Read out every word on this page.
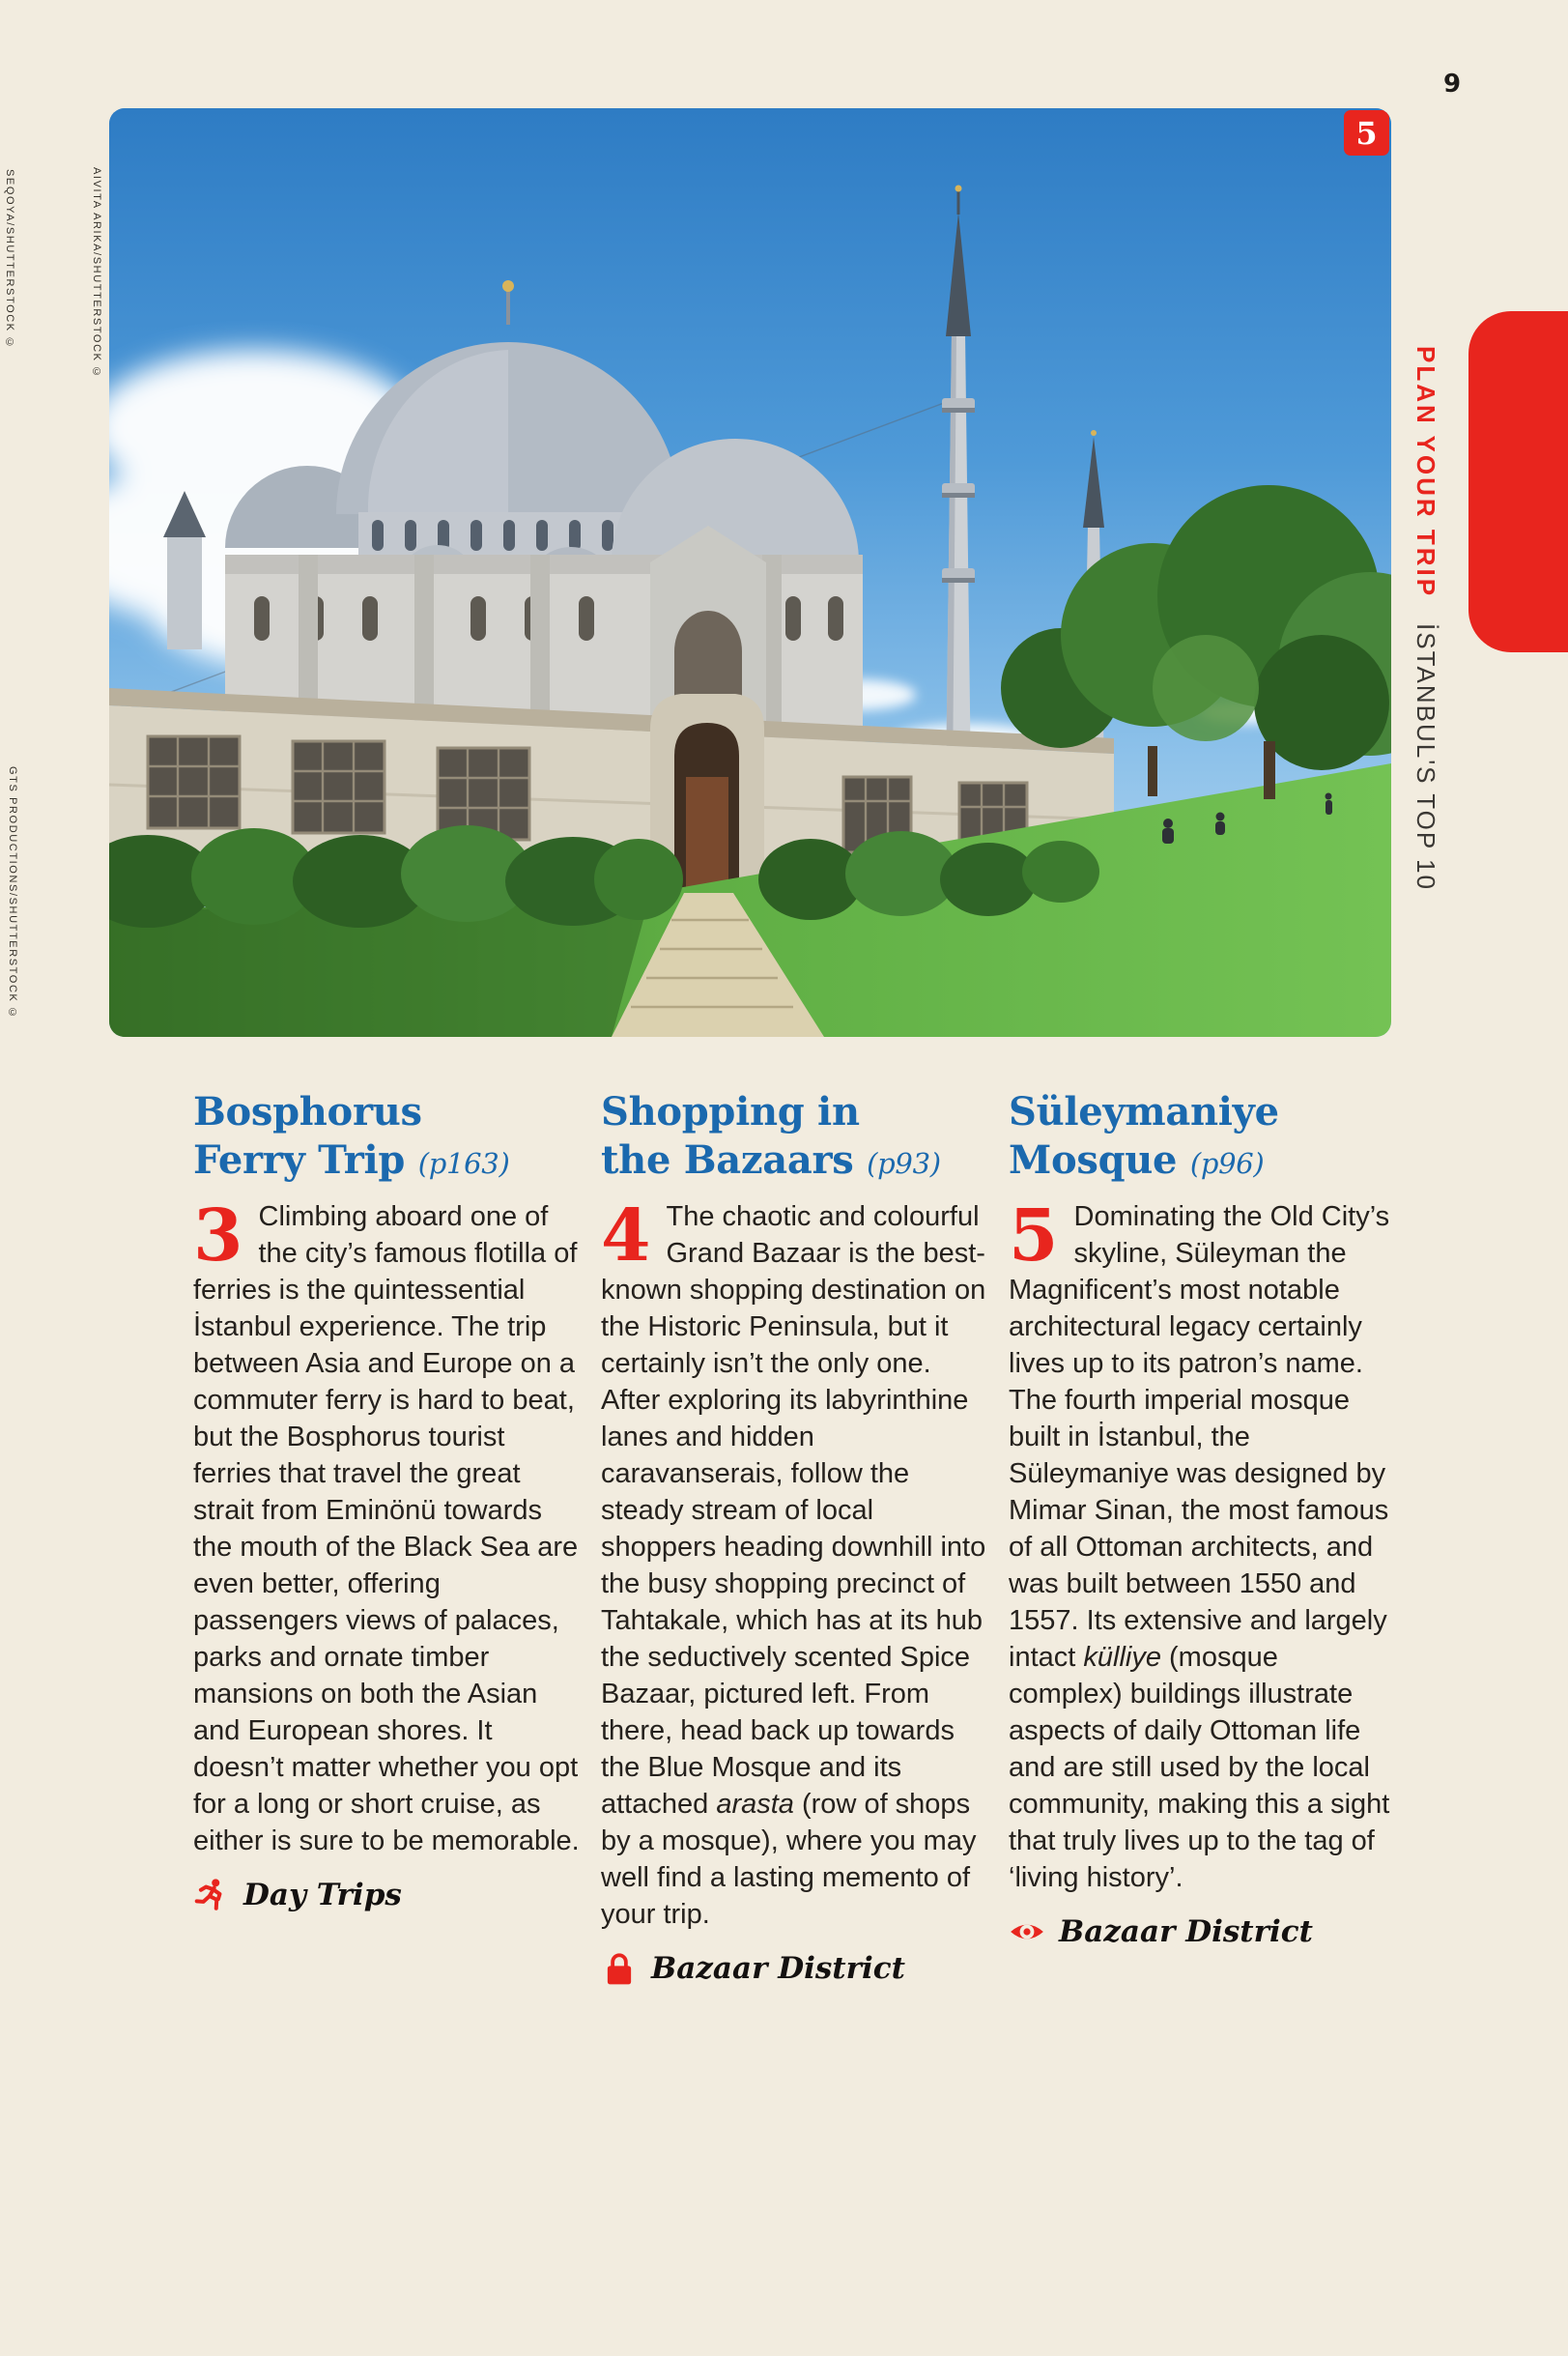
SEQOYA/SHUTTERSTOCK ©	AIVITA ARIKA/SHUTTERSTOCK ©
GTS PRODUCTIONS/SHUTTERSTOCK ©
9
5
PLAN YOUR TRIPİSTANBUL'S TOP 10
Bosphorus
Ferry Trip (p163)
3 Climbing aboard one of the city’s famous flotilla of ferries is the quintessential İstanbul experience. The trip between Asia and Europe on a commuter ferry is hard to beat, but the Bosphorus tourist ferries that travel the great strait from Eminönü towards the mouth of the Black Sea are even better, offering passengers views of palaces, parks and ornate timber mansions on both the Asian and European shores. It doesn’t matter whether you opt for a long or short cruise, as either is sure to be memorable.
Day Trips
Shopping in
the Bazaars (p93)
4 The chaotic and colourful Grand Bazaar is the best-known shopping destination on the Historic Peninsula, but it certainly isn’t the only one. After exploring its labyrinthine lanes and hidden caravanserais, follow the steady stream of local shoppers heading downhill into the busy shopping precinct of Tahtakale, which has at its hub the seductively scented Spice Bazaar, pictured left. From there, head back up towards the Blue Mosque and its attached arasta (row of shops by a mosque), where you may well find a lasting memento of your trip.
Bazaar District
Süleymaniye
Mosque (p96)
5 Dominating the Old City’s skyline, Süleyman the Magnificent’s most notable architectural legacy certainly lives up to its patron’s name. The fourth imperial mosque built in İstanbul, the Süleymaniye was designed by Mimar Sinan, the most famous of all Ottoman architects, and was built between 1550 and 1557. Its extensive and largely intact külliye (mosque complex) buildings illustrate aspects of daily Ottoman life and are still used by the local community, making this a sight that truly lives up to the tag of ‘living history’.
Bazaar District
